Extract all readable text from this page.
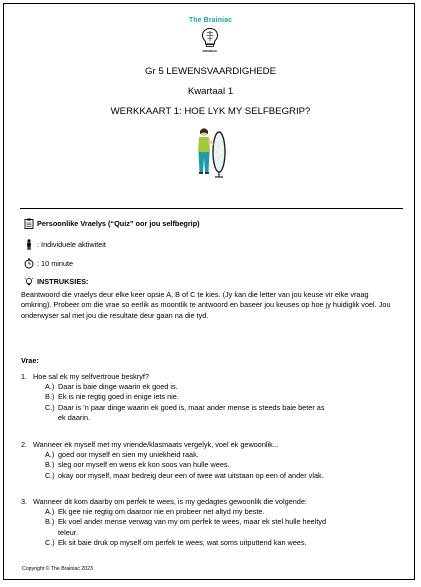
The Brainiac
BRAINIAC
Gr 5 LEWENSVAARDIGHEDE
Kwartaal 1
WERKKAART 1: HOE LYK MY SELFBEGRIP?
Persoonlike Vraelys (“Quiz” oor jou selfbegrip)
: Individuele aktiwiteit
: 10 minute
INSTRUKSIES:
Beantwoord die vraelys deur elke keer opsie A, B of C te kies. (Jy kan die letter van jou keuse vir elke vraag omkring). Probeer om die vrae so eerlik as moontlik te antwoord en baseer jou keuses op hoe jy huidiglik voel. Jou onderwyser sal met jou die resultate deur gaan na die tyd.
Vrae:
1. Hoe sal ek my selfvertroue beskryf?
A.) Daar is baie dinge waarin ek goed is.
B.) Ek is nie regtig goed in enige iets nie.
C.) Daar is ’n paar dinge waarin ek goed is, maar ander mense is steeds baie beter as
ek daarin.
2. Wanneer ek myself met my vriende/klasmaats vergelyk, voel ek gewoonlik...
A.) goed oor myself en sien my uniekheid raak.
B.) sleg oor myself en wens ek kon soos van hulle wees.
C.) okay oor myself, maar bedreig deur een of twee wat uitstaan op een of ander vlak.
3. Wanneer dit kom daarby om perfek te wees, is my gedagtes gewoonlik die volgende:
A.) Ek gee nie regtig om daaroor nie en probeer net altyd my beste.
B.) Ek voel ander mense verwag van my om perfek te wees, maar ek stel hulle heeltyd
teleur.
C.) Ek sit baie druk op myself om perfek te wees, wat soms uitputtend kan wees.
Copyright © The Brainiac 2023
